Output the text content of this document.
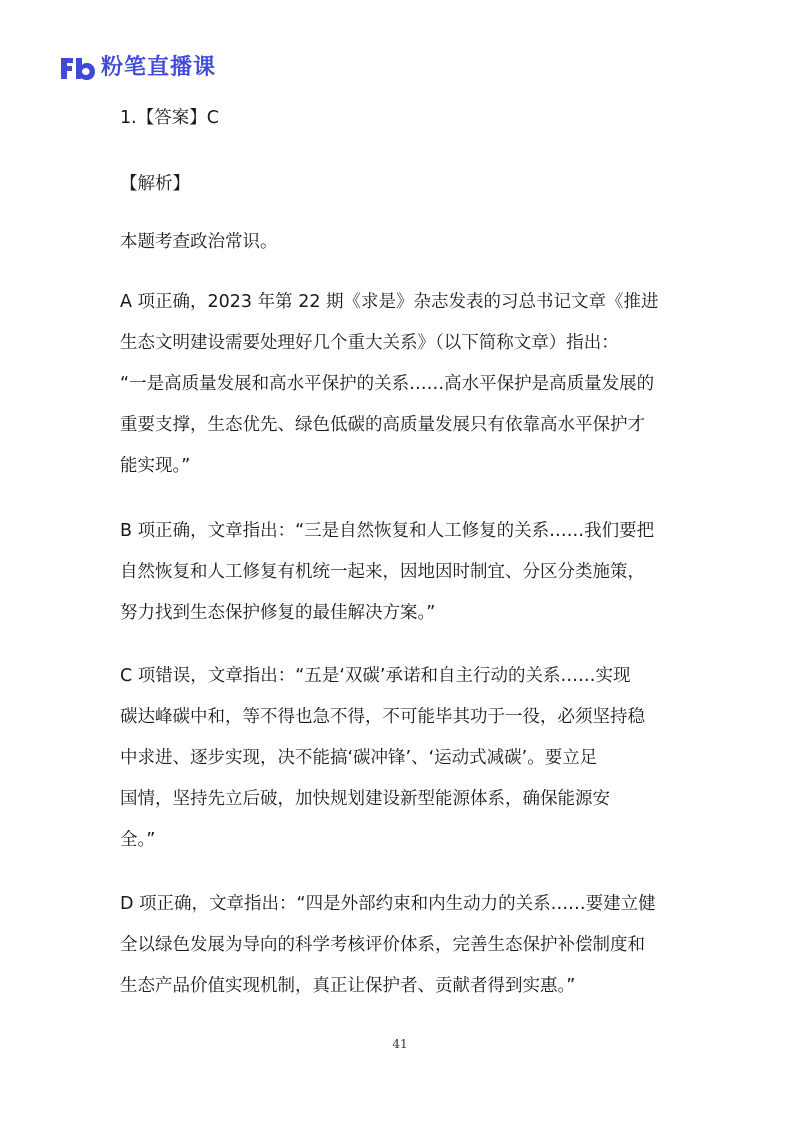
粉笔直播课
1.【答案】C
【解析】
本题考查政治常识。
A 项正确，2023 年第 22 期《求是》杂志发表的习总书记文章《推进
生态文明建设需要处理好几个重大关系》（以下简称文章）指出：
“一是高质量发展和高水平保护的关系……高水平保护是高质量发展的
重要支撑，生态优先、绿色低碳的高质量发展只有依靠高水平保护才
能实现。”
B 项正确，文章指出：“三是自然恢复和人工修复的关系……我们要把
自然恢复和人工修复有机统一起来，因地因时制宜、分区分类施策，
努力找到生态保护修复的最佳解决方案。”
C 项错误，文章指出：“五是‘双碳’承诺和自主行动的关系……实现
碳达峰碳中和，等不得也急不得，不可能毕其功于一役，必须坚持稳
中求进、逐步实现，决不能搞‘碳冲锋’、‘运动式减碳’。要立足
国情，坚持先立后破，加快规划建设新型能源体系，确保能源安
全。”
D 项正确，文章指出：“四是外部约束和内生动力的关系……要建立健
全以绿色发展为导向的科学考核评价体系，完善生态保护补偿制度和
生态产品价值实现机制，真正让保护者、贡献者得到实惠。”
41
